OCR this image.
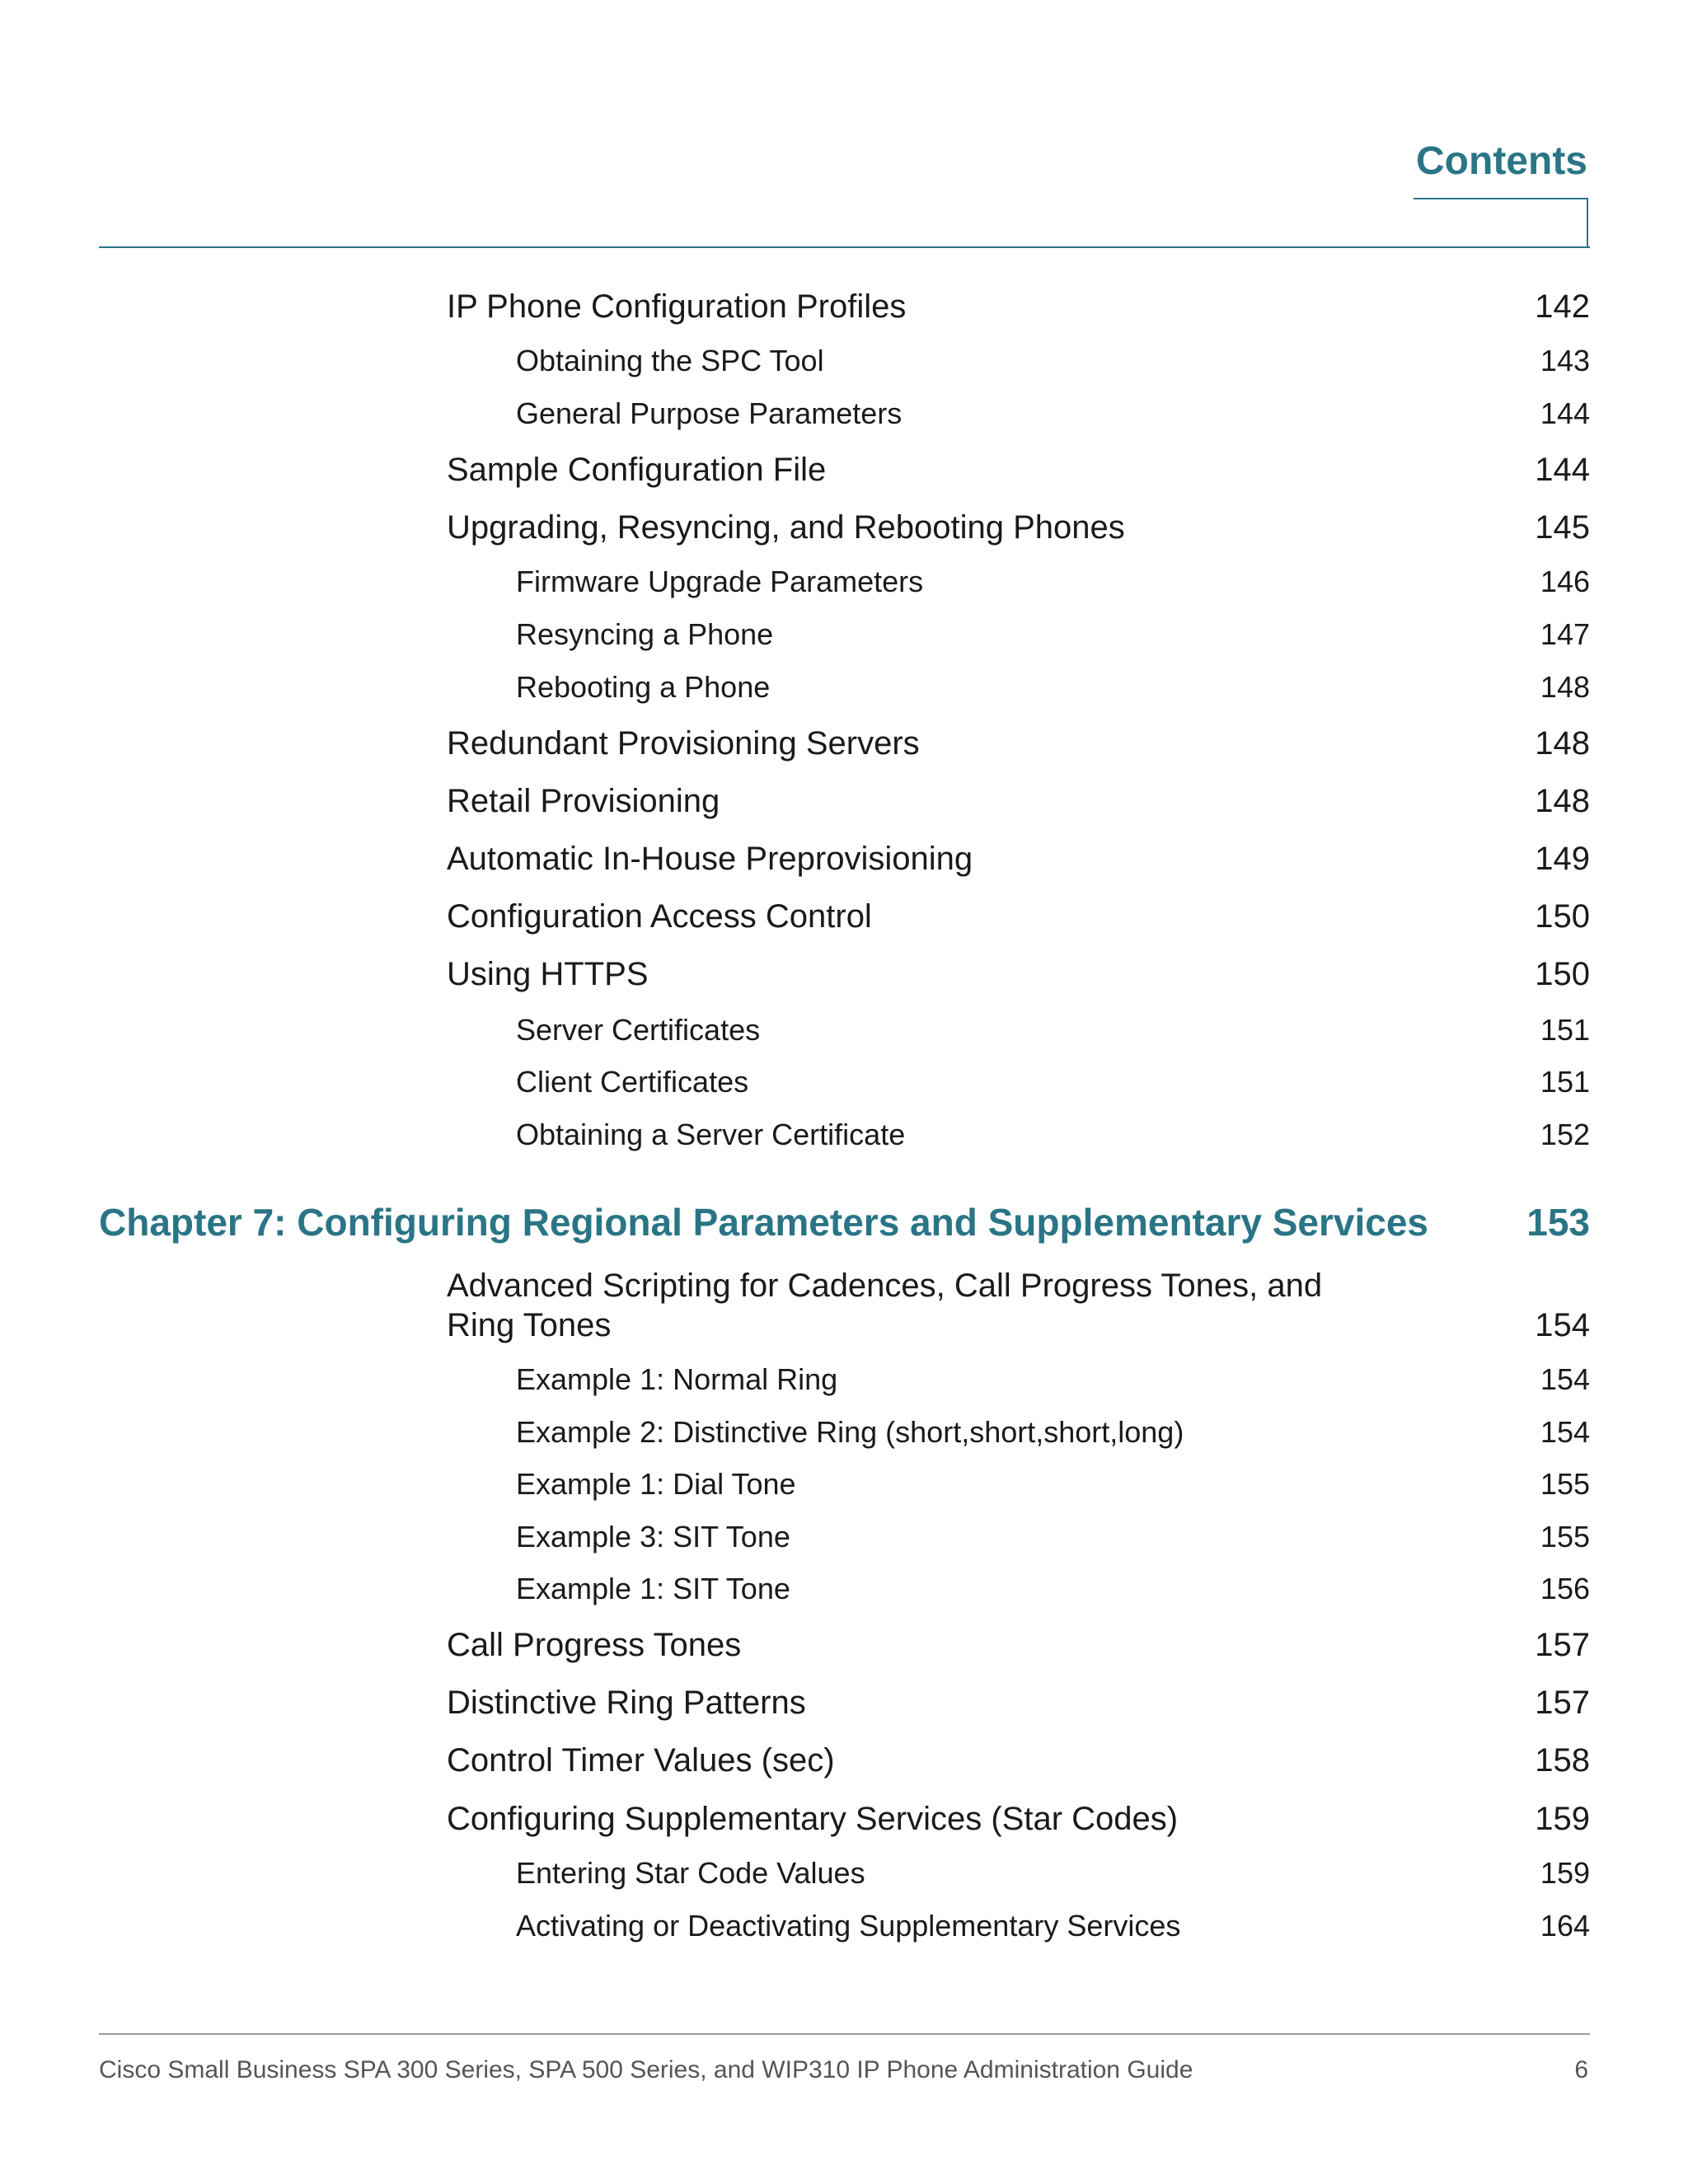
Contents
IP Phone Configuration Profiles	142
Obtaining the SPC Tool	143
General Purpose Parameters	144
Sample Configuration File	144
Upgrading, Resyncing, and Rebooting Phones	145
Firmware Upgrade Parameters	146
Resyncing a Phone	147
Rebooting a Phone	148
Redundant Provisioning Servers	148
Retail Provisioning	148
Automatic In-House Preprovisioning	149
Configuration Access Control	150
Using HTTPS	150
Server Certificates	151
Client Certificates	151
Obtaining a Server Certificate	152
Chapter 7: Configuring Regional Parameters and Supplementary Services	153
Advanced Scripting for Cadences, Call Progress Tones, and Ring Tones	154
Example 1: Normal Ring	154
Example 2: Distinctive Ring (short,short,short,long)	154
Example 1: Dial Tone	155
Example 3: SIT Tone	155
Example 1: SIT Tone	156
Call Progress Tones	157
Distinctive Ring Patterns	157
Control Timer Values (sec)	158
Configuring Supplementary Services (Star Codes)	159
Entering Star Code Values	159
Activating or Deactivating Supplementary Services	164
Cisco Small Business SPA 300 Series, SPA 500 Series, and WIP310 IP Phone Administration Guide	6
